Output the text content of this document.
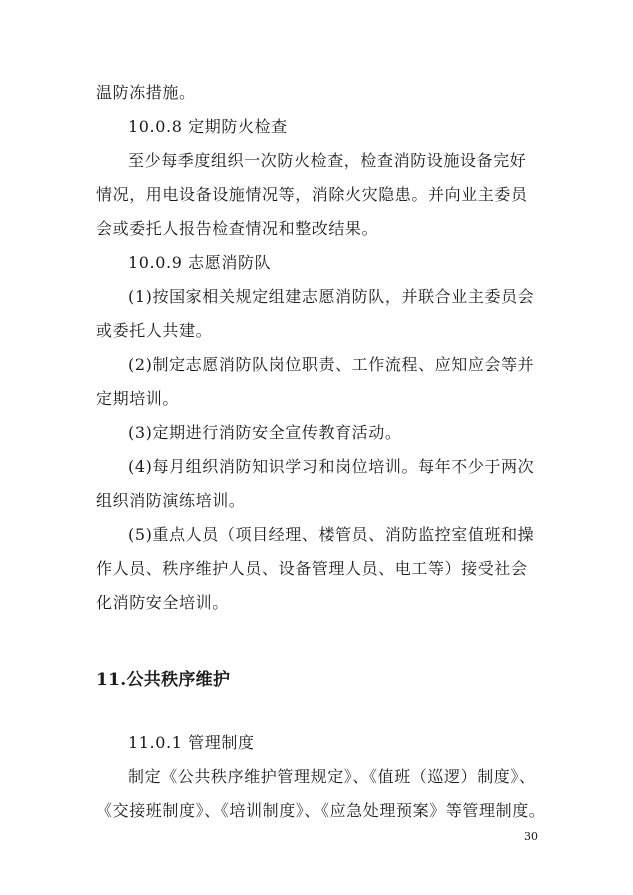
温防冻措施。
10.0.8 定期防火检查
至少每季度组织一次防火检查，检查消防设施设备完好
情况，用电设备设施情况等，消除火灾隐患。并向业主委员
会或委托人报告检查情况和整改结果。
10.0.9 志愿消防队
(1)按国家相关规定组建志愿消防队，并联合业主委员会
或委托人共建。
(2)制定志愿消防队岗位职责、工作流程、应知应会等并
定期培训。
(3)定期进行消防安全宣传教育活动。
(4)每月组织消防知识学习和岗位培训。每年不少于两次
组织消防演练培训。
(5)重点人员（项目经理、楼管员、消防监控室值班和操
作人员、秩序维护人员、设备管理人员、电工等）接受社会
化消防安全培训。
11.公共秩序维护
11.0.1 管理制度
制定《公共秩序维护管理规定》、《值班（巡逻）制度》、
《交接班制度》、《培训制度》、《应急处理预案》等管理制度。
30
